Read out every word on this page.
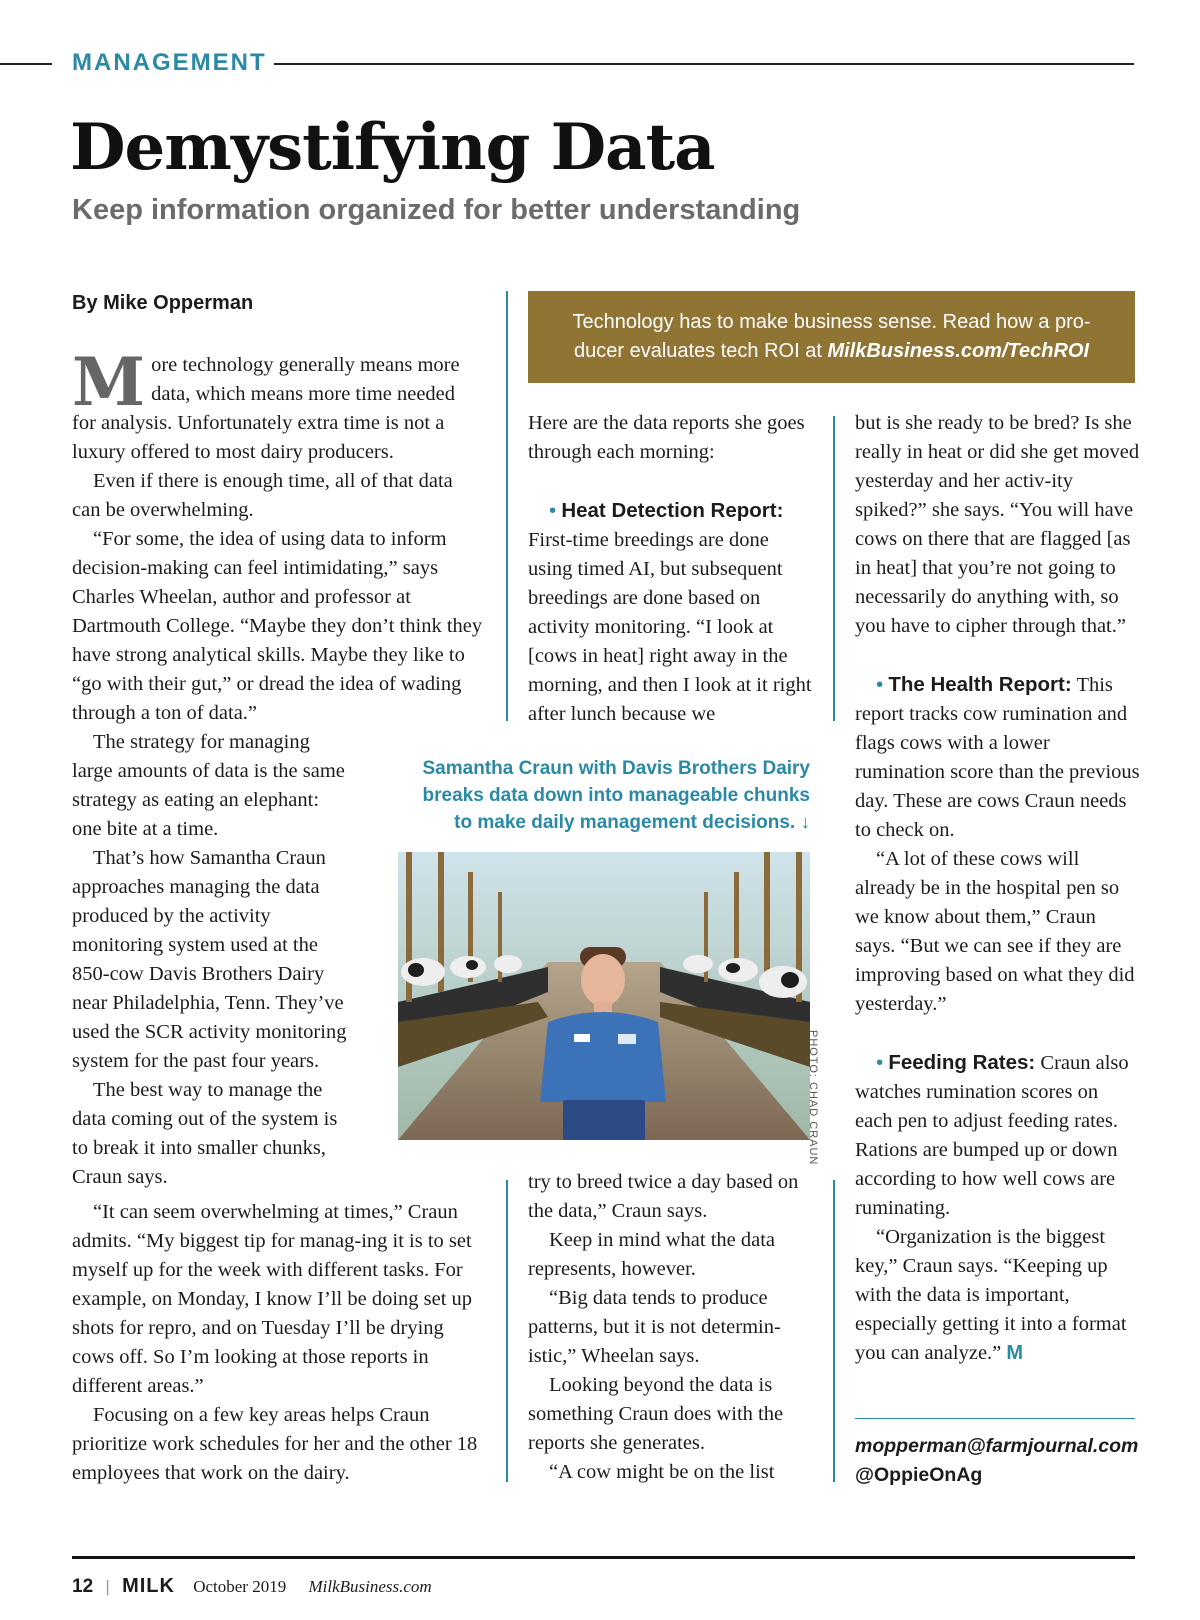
MANAGEMENT
Demystifying Data
Keep information organized for better understanding
By Mike Opperman

More technology generally means more data, which means more time needed for analysis. Unfortunately extra time is not a luxury offered to most dairy producers.

Even if there is enough time, all of that data can be overwhelming.

“For some, the idea of using data to inform decision-making can feel intimidating,” says Charles Wheelan, author and professor at Dartmouth College. “Maybe they don’t think they have strong analytical skills. Maybe they like to “go with their gut,” or dread the idea of wading through a ton of data.”

The strategy for managing large amounts of data is the same strategy as eating an elephant: one bite at a time.

That’s how Samantha Craun approaches managing the data produced by the activity monitoring system used at the 850-cow Davis Brothers Dairy near Philadelphia, Tenn. They’ve used the SCR activity monitoring system for the past four years.

The best way to manage the data coming out of the system is to break it into smaller chunks, Craun says.

“It can seem overwhelming at times,” Craun admits. “My biggest tip for manag-ing it is to set myself up for the week with different tasks. For example, on Monday, I know I’ll be doing set up shots for repro, and on Tuesday I’ll be drying cows off. So I’m looking at those reports in different areas.”

Focusing on a few key areas helps Craun prioritize work schedules for her and the other 18 employees that work on the dairy.

Technology has to make business sense. Read how a pro-
ducer evaluates tech ROI at MilkBusiness.com/TechROI

Here are the data reports she goes through each morning:

• Heat Detection Report:

First-time breedings are done using timed AI, but subsequent breedings are done based on activity monitoring. “I look at [cows in heat] right away in the morning, and then I look at it right after lunch because we

try to breed twice a day based on the data,” Craun says.

Keep in mind what the data represents, however.

“Big data tends to produce patterns, but it is not determin-istic,” Wheelan says.

Looking beyond the data is something Craun does with the reports she generates.

“A cow might be on the list

but is she ready to be bred? Is she really in heat or did she get moved yesterday and her activ-ity spiked?” she says. “You will have cows on there that are flagged [as in heat] that you’re not going to necessarily do anything with, so you have to cipher through that.”

• The Health Report: This report tracks cow rumination and flags cows with a lower rumination score than the previous day. These are cows Craun needs to check on.

“A lot of these cows will already be in the hospital pen so we know about them,” Craun says. “But we can see if they are improving based on what they did yesterday.”

• Feeding Rates: Craun also watches rumination scores on each pen to adjust feeding rates. Rations are bumped up or down according to how well cows are ruminating.

“Organization is the biggest key,” Craun says. “Keeping up with the data is important, especially getting it into a format you can analyze.” M

Samantha Craun with Davis Brothers Dairy
breaks data down into manageable chunks
to make daily management decisions. ↓
PHOTO: CHAD CRAUN
mopperman@farmjournal.com
@OppieOnAg
12 | MILK October 2019 MilkBusiness.com
